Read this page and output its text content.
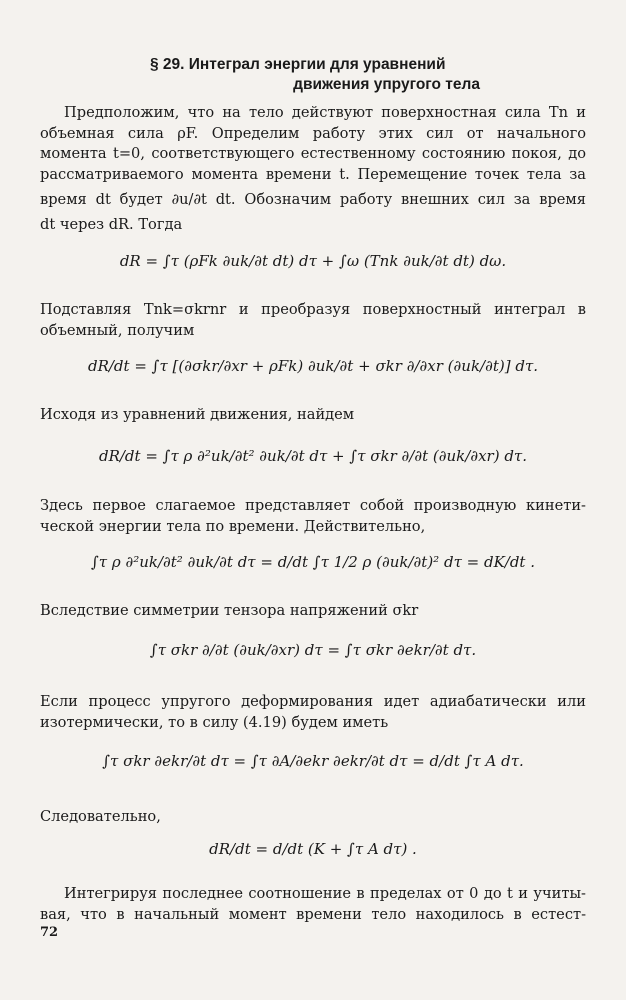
§ 29. Интеграл энергии для уравнений
движения упругого тела
Предположим, что на тело действуют поверхностная сила Tn и
объемная сила ρF. Определим работу этих сил от начального
момента t=0, соответствующего естественному состоянию покоя, до
рассматриваемого момента времени t. Перемещение точек тела за
время dt будет ∂u/∂t dt. Обозначим работу внешних сил за время
dt через dR. Тогда
dR = ∫τ (ρFk ∂uk/∂t dt) dτ + ∫ω (Tnk ∂uk/∂t dt) dω.
Подставляя Tnk=σkrnr и преобразуя поверхностный интеграл в
объемный, получим
dR/dt = ∫τ [(∂σkr/∂xr + ρFk) ∂uk/∂t + σkr ∂/∂xr (∂uk/∂t)] dτ.
Исходя из уравнений движения, найдем
dR/dt = ∫τ ρ ∂²uk/∂t² ∂uk/∂t dτ + ∫τ σkr ∂/∂t (∂uk/∂xr) dτ.
Здесь первое слагаемое представляет собой производную кинети-
ческой энергии тела по времени. Действительно,
∫τ ρ ∂²uk/∂t² ∂uk/∂t dτ = d/dt ∫τ 1/2 ρ (∂uk/∂t)² dτ = dK/dt .
Вследствие симметрии тензора напряжений σkr
∫τ σkr ∂/∂t (∂uk/∂xr) dτ = ∫τ σkr ∂ekr/∂t dτ.
Если процесс упругого деформирования идет адиабатически или
изотермически, то в силу (4.19) будем иметь
∫τ σkr ∂ekr/∂t dτ = ∫τ ∂A/∂ekr ∂ekr/∂t dτ = d/dt ∫τ A dτ.
Следовательно,
dR/dt = d/dt (K + ∫τ A dτ) .
Интегрируя последнее соотношение в пределах от 0 до t и учиты-
вая, что в начальный момент времени тело находилось в естест-
72
